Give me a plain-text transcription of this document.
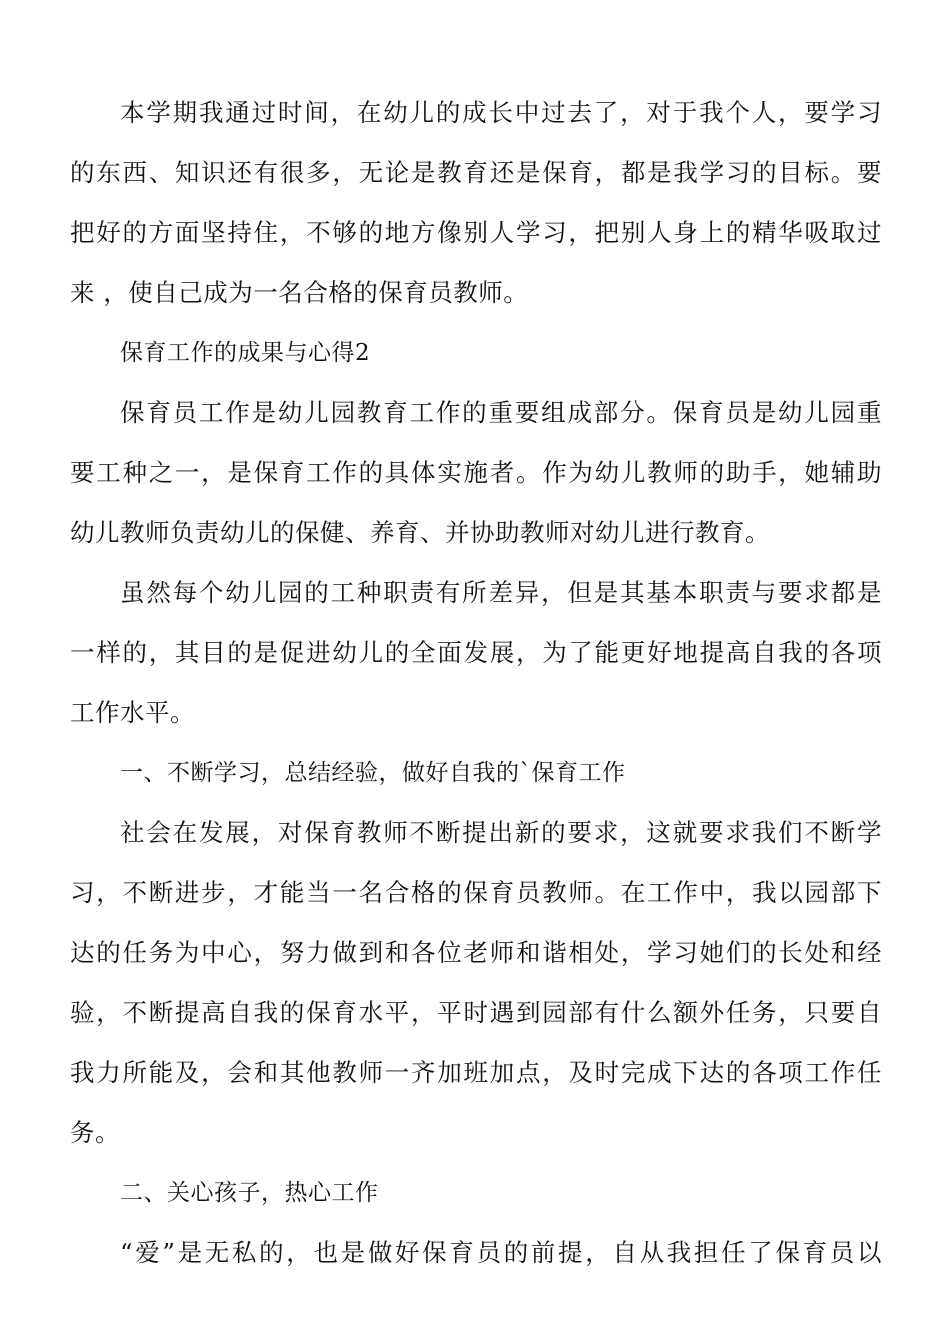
本学期我通过时间，在幼儿的成长中过去了，对于我个人，要学习
的东西、知识还有很多，无论是教育还是保育，都是我学习的目标。要
把好的方面坚持住，不够的地方像别人学习，把别人身上的精华吸取过
来 ，使自己成为一名合格的保育员教师。
保育工作的成果与心得2
保育员工作是幼儿园教育工作的重要组成部分。保育员是幼儿园重
要工种之一，是保育工作的具体实施者。作为幼儿教师的助手，她辅助
幼儿教师负责幼儿的保健、养育、并协助教师对幼儿进行教育。
虽然每个幼儿园的工种职责有所差异，但是其基本职责与要求都是
一样的，其目的是促进幼儿的全面发展，为了能更好地提高自我的各项
工作水平。
一、不断学习，总结经验，做好自我的`保育工作
社会在发展，对保育教师不断提出新的要求，这就要求我们不断学
习，不断进步，才能当一名合格的保育员教师。在工作中，我以园部下
达的任务为中心，努力做到和各位老师和谐相处，学习她们的长处和经
验，不断提高自我的保育水平，平时遇到园部有什么额外任务，只要自
我力所能及，会和其他教师一齐加班加点，及时完成下达的各项工作任
务。
二、关心孩子，热心工作
“爱”是无私的，也是做好保育员的前提，自从我担任了保育员以
